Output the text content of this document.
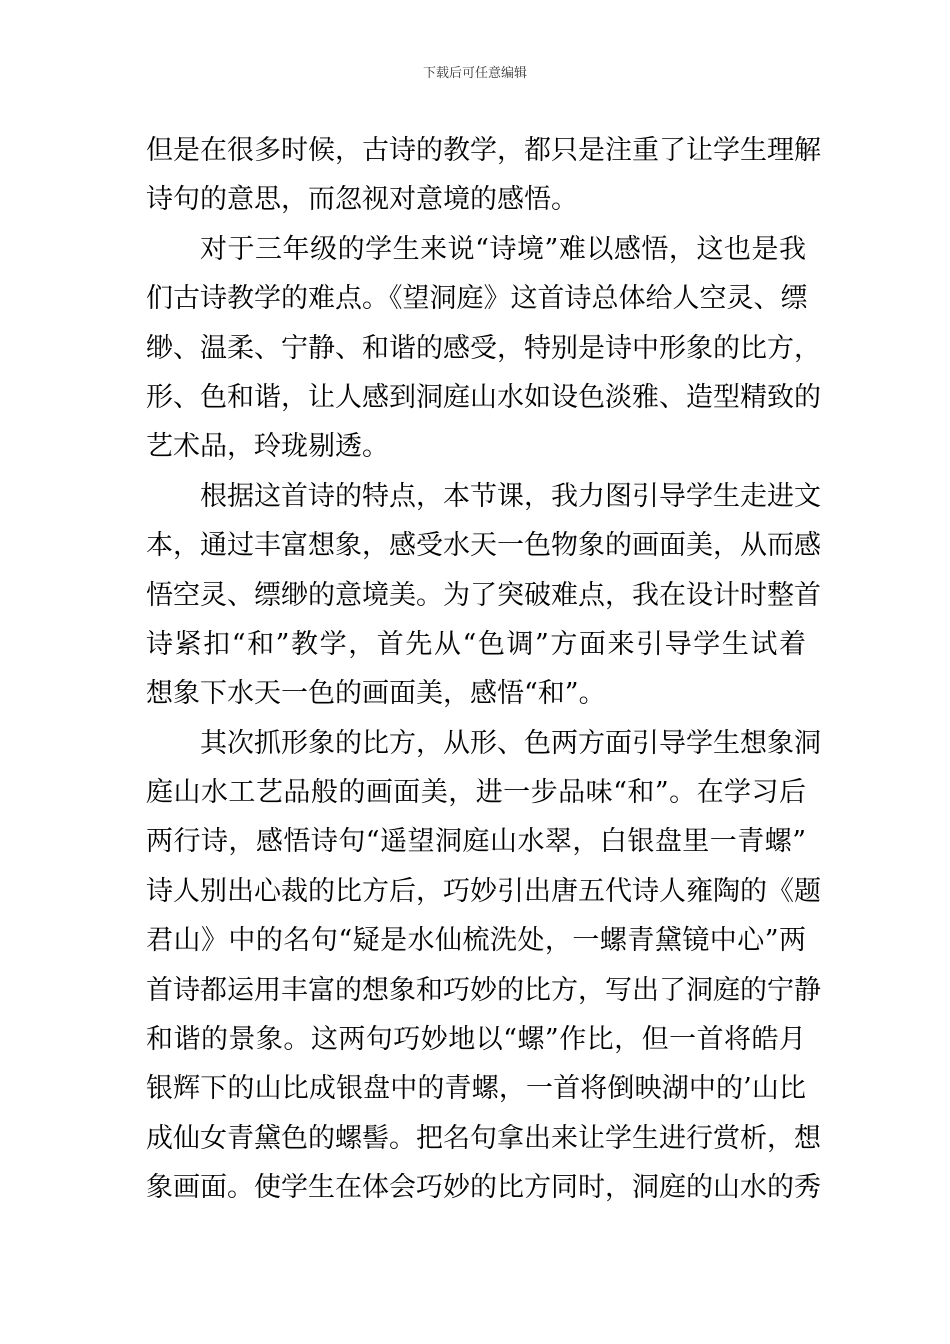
下载后可任意编辑
但是在很多时候，古诗的教学，都只是注重了让学生理解
诗句的意思，而忽视对意境的感悟。
对于三年级的学生来说“诗境”难以感悟，这也是我
们古诗教学的难点。《望洞庭》这首诗总体给人空灵、缥
缈、温柔、宁静、和谐的感受，特别是诗中形象的比方，
形、色和谐，让人感到洞庭山水如设色淡雅、造型精致的
艺术品，玲珑剔透。
根据这首诗的特点，本节课，我力图引导学生走进文
本，通过丰富想象，感受水天一色物象的画面美，从而感
悟空灵、缥缈的意境美。为了突破难点，我在设计时整首
诗紧扣“和”教学，首先从“色调”方面来引导学生试着
想象下水天一色的画面美，感悟“和”。
其次抓形象的比方，从形、色两方面引导学生想象洞
庭山水工艺品般的画面美，进一步品味“和”。在学习后
两行诗，感悟诗句“遥望洞庭山水翠，白银盘里一青螺”
诗人别出心裁的比方后，巧妙引出唐五代诗人雍陶的《题
君山》中的名句“疑是水仙梳洗处，一螺青黛镜中心”两
首诗都运用丰富的想象和巧妙的比方，写出了洞庭的宁静
和谐的景象。这两句巧妙地以“螺”作比，但一首将皓月
银辉下的山比成银盘中的青螺，一首将倒映湖中的’山比
成仙女青黛色的螺髻。把名句拿出来让学生进行赏析，想
象画面。使学生在体会巧妙的比方同时，洞庭的山水的秀
